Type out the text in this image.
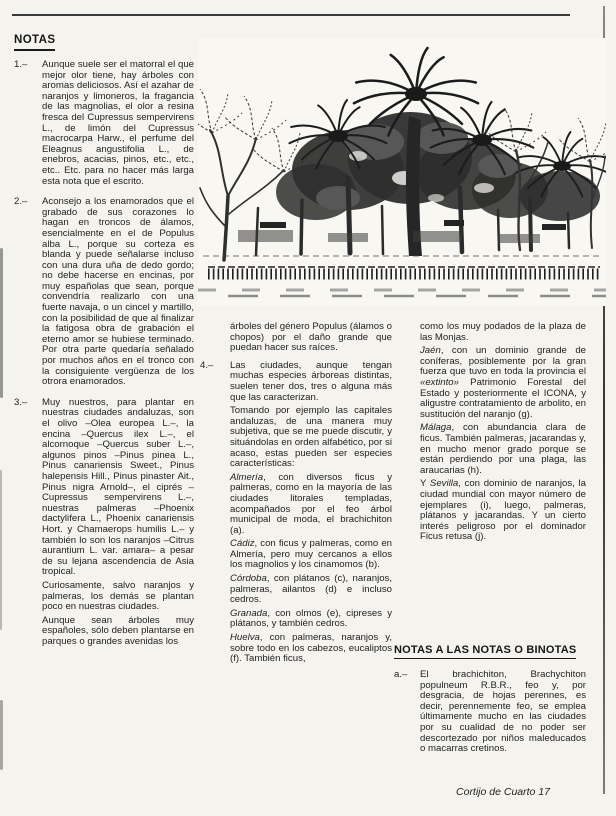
NOTAS
1.–	Aunque suele ser el matorral el que mejor olor tiene, hay árboles con aromas deliciosos. Así el azahar de naranjos y limoneros, la fragancia de las magnolias, el olor a resina fresca del Cupressus sempervirens L., de limón del Cupressus macrocarpa Harw., el perfume del Eleagnus angustifolia L., de enebros, acacias, pinos, etc., etc., etc.. Etc. para no hacer más larga esta nota que el escrito.

2.–	Aconsejo a los enamorados que el grabado de sus corazones lo hagan en troncos de álamos, esencialmente en el de Populus alba L., porque su corteza es blanda y puede señalarse incluso con una dura uña de dedo gordo; no debe hacerse en encinas, por muy españolas que sean, porque convendría realizarlo con una fuerte navaja, o un cincel y martillo, con la posibilidad de que al finalizar la fatigosa obra de grabación el eterno amor se hubiese terminado. Por otra parte quedaría señalado por muchos años en el tronco con la consiguiente vergüenza de los otrora enamorados.

3.–	Muy nuestros, para plantar en nuestras ciudades andaluzas, son el olivo –Olea europea L.–, la encina –Quercus ilex L.–, el alcornoque –Quercus suber L.–, algunos pinos –Pinus pinea L., Pinus canariensis Sweet., Pinus halepensis Hill., Pinus pinaster Ait., Pinus nigra Arnold–, el ciprés –Cupressus sempervirens L.–, nuestras palmeras –Phoenix dactylifera L., Phoenix canariensis Hort. y Chamaerops humilis L.– y también lo son los naranjos –Citrus aurantium L. var. amara– a pesar de su lejana ascendencia de Asia tropical.

Curiosamente, salvo naranjos y palmeras, los demás se plantan poco en nuestras ciudades.

Aunque sean árboles muy españoles, sólo deben plantarse en parques o grandes avenidas los

árboles del género Populus (álamos o chopos) por el daño grande que puedan hacer sus raíces.

4.– Las ciudades, aunque tengan muchas especies árboreas distintas, suelen tener dos, tres o alguna más que las caracterizan.

Tomando por ejemplo las capitales andaluzas, de una manera muy subjetiva, que se me puede discutir, y situándolas en orden alfabético, por si acaso, estas pueden ser especies características:

Almería, con diversos ficus y palmeras, como en la mayoría de las ciudades litorales templadas, acompañados por el feo árbol municipal de moda, el brachichiton (a).

Cádiz, con ficus y palmeras, como en Almería, pero muy cercanos a ellos los magnolios y los cinamomos (b).

Córdoba, con plátanos (c), naranjos, palmeras, ailantos (d) e incluso cedros.

Granada, con olmos (e), cipreses y plátanos, y también cedros.

Huelva, con palmeras, naranjos y, sobre todo en los cabezos, eucaliptos (f). También ficus,

como los muy podados de la plaza de las Monjas.

Jaén, con un dominio grande de coníferas, posiblemente por la gran fuerza que tuvo en toda la provincia el «extinto» Patrimonio Forestal del Estado y posteriormente el ICONA, y aligustre contratamiento de arbolito, en sustitución del naranjo (g).

Málaga, con abundancia clara de ficus. También palmeras, jacarandas y, en mucho menor grado porque se están perdiendo por una plaga, las araucarias (h).

Y Sevilla, con dominio de naranjos, la ciudad mundial con mayor número de ejemplares (i), luego, palmeras, plátanos y jacarandas. Y un cierto interés peligroso por el dominador Ficus retusa (j).

NOTAS A LAS NOTAS O BINOTAS
a.– El brachichiton, Brachychiton populneum R.B.R., feo y, por desgracia, de hojas perennes, es decir, perennemente feo, se emplea últimamente mucho en las ciudades por su cualidad de no poder ser descortezado por niños maleducados o macarras cretinos.

Cortijo de Cuarto 17
